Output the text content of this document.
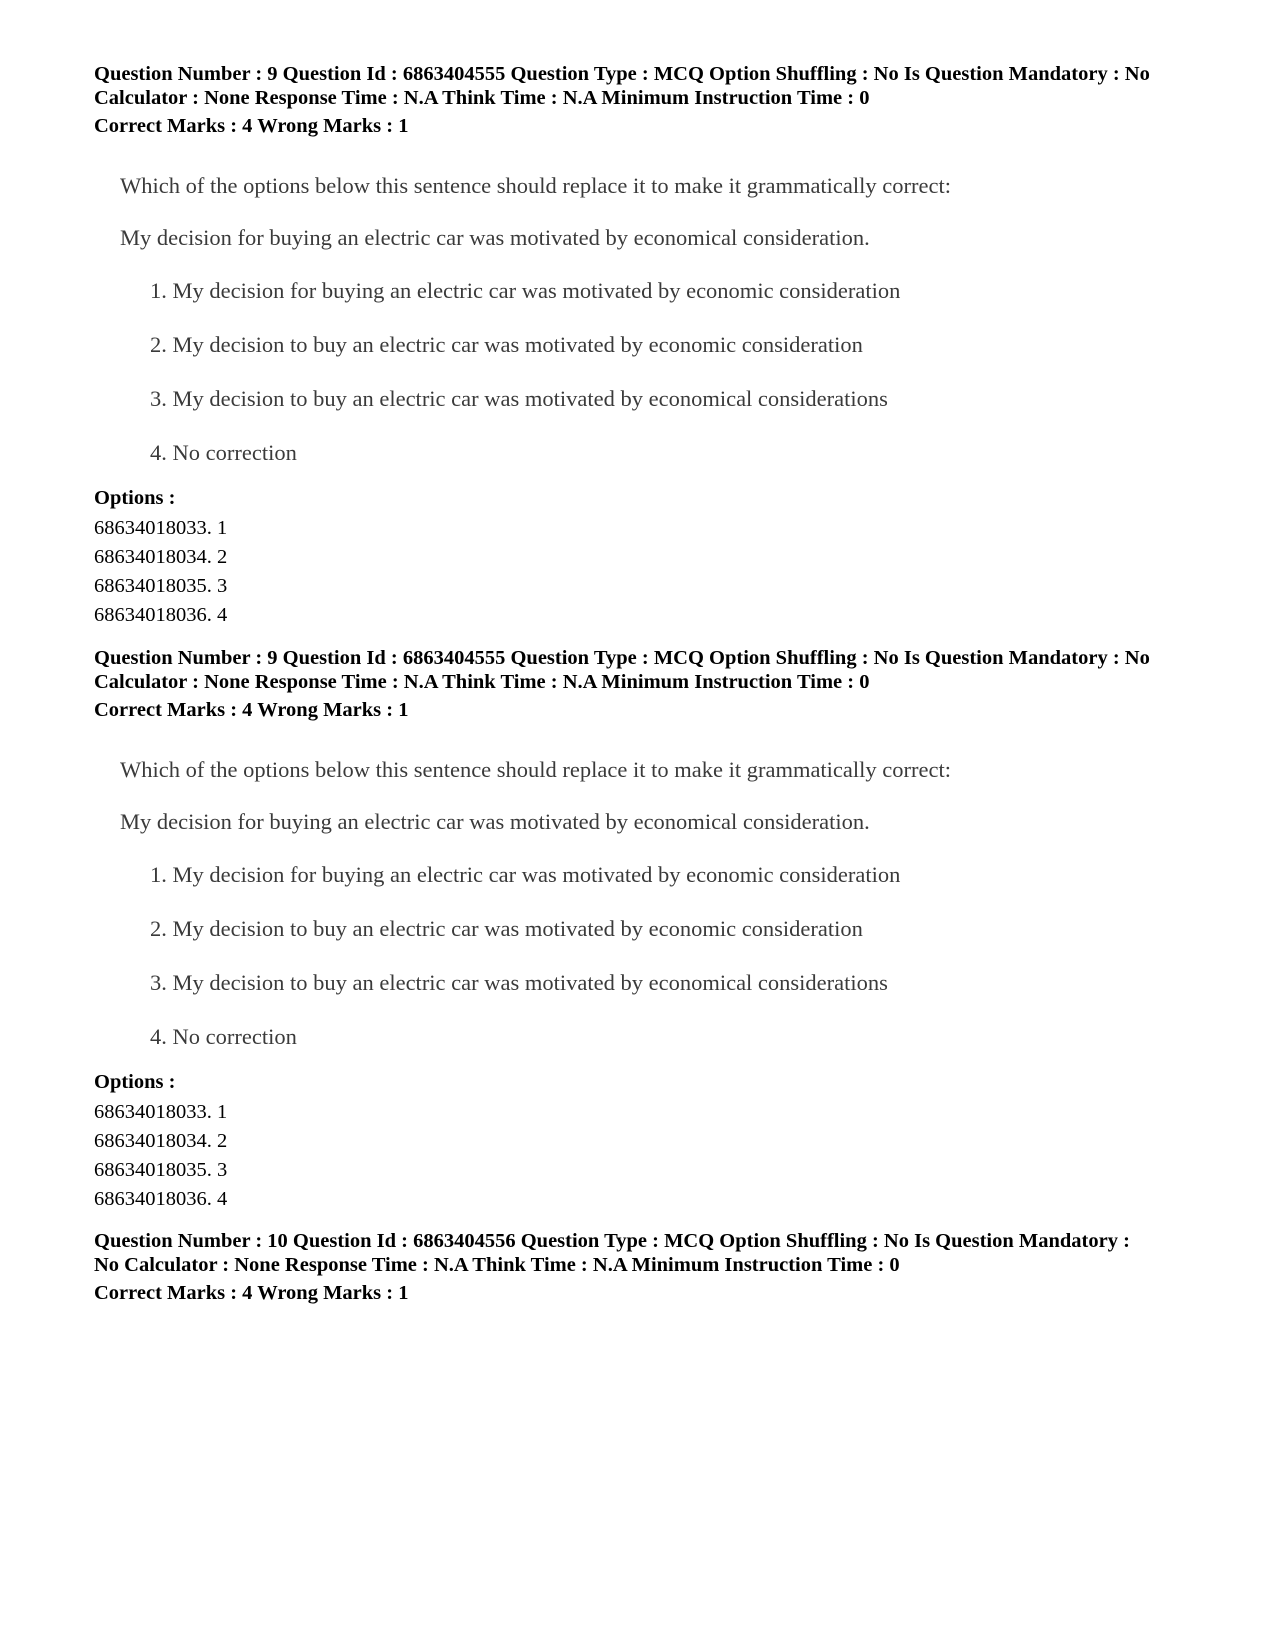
Question Number : 9 Question Id : 6863404555 Question Type : MCQ Option Shuffling : No Is Question Mandatory : No
Calculator : None Response Time : N.A Think Time : N.A Minimum Instruction Time : 0
Correct Marks : 4 Wrong Marks : 1
Which of the options below this sentence should replace it to make it grammatically correct:
My decision for buying an electric car was motivated by economical consideration.
1. My decision for buying an electric car was motivated by economic consideration
2. My decision to buy an electric car was motivated by economic consideration
3. My decision to buy an electric car was motivated by economical considerations
4. No correction
Options :
68634018033. 1
68634018034. 2
68634018035. 3
68634018036. 4
Question Number : 9 Question Id : 6863404555 Question Type : MCQ Option Shuffling : No Is Question Mandatory : No
Calculator : None Response Time : N.A Think Time : N.A Minimum Instruction Time : 0
Correct Marks : 4 Wrong Marks : 1
Which of the options below this sentence should replace it to make it grammatically correct:
My decision for buying an electric car was motivated by economical consideration.
1. My decision for buying an electric car was motivated by economic consideration
2. My decision to buy an electric car was motivated by economic consideration
3. My decision to buy an electric car was motivated by economical considerations
4. No correction
Options :
68634018033. 1
68634018034. 2
68634018035. 3
68634018036. 4
Question Number : 10 Question Id : 6863404556 Question Type : MCQ Option Shuffling : No Is Question Mandatory :
No Calculator : None Response Time : N.A Think Time : N.A Minimum Instruction Time : 0
Correct Marks : 4 Wrong Marks : 1
